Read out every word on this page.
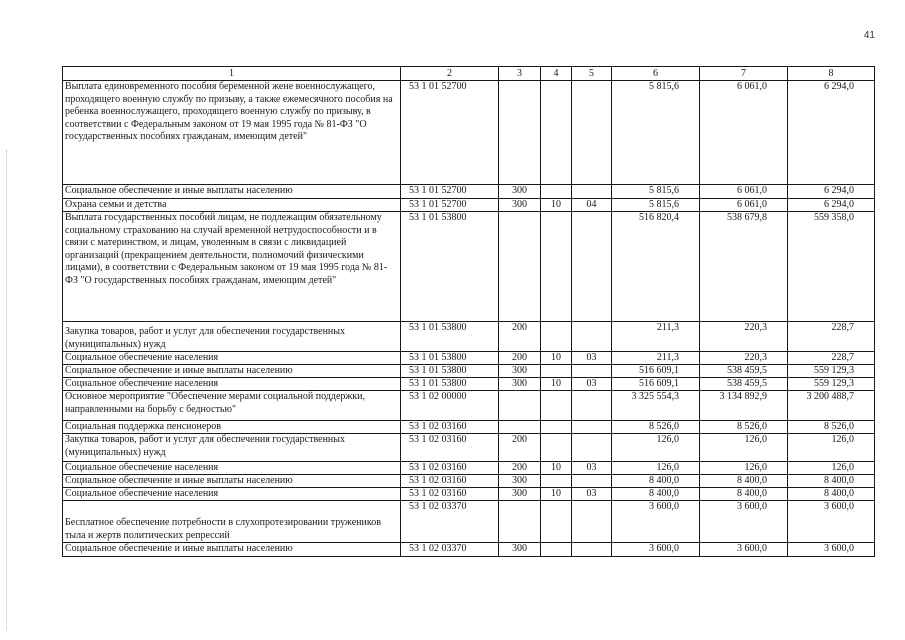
41
1	2	3	4	5	6	7	8
Выплата единовременного пособия беременной жене военнослужащего, проходящего военную службу по призыву, а также ежемесячного пособия на ребенка военнослужащего, проходящего военную службу по призыву, в соответствии с Федеральным законом от 19 мая 1995 года № 81-ФЗ "О государственных пособиях гражданам, имеющим детей"	53 1 01 52700				5 815,6	6 061,0	6 294,0
Социальное обеспечение и иные выплаты населению	53 1 01 52700	300			5 815,6	6 061,0	6 294,0
Охрана семьи и детства	53 1 01 52700	300	10	04	5 815,6	6 061,0	6 294,0
Выплата государственных пособий лицам, не подлежащим обязательному социальному страхованию на случай временной нетрудоспособности и в связи с материнством, и лицам, уволенным в связи с ликвидацией организаций (прекращением деятельности, полномочий физическими лицами), в соответствии с Федеральным законом от 19 мая 1995 года № 81-ФЗ "О государственных пособиях гражданам, имеющим детей"	53 1 01 53800				516 820,4	538 679,8	559 358,0
Закупка товаров, работ и услуг для обеспечения государственных (муниципальных) нужд	53 1 01 53800	200			211,3	220,3	228,7
Социальное обеспечение населения	53 1 01 53800	200	10	03	211,3	220,3	228,7
Социальное обеспечение и иные выплаты населению	53 1 01 53800	300			516 609,1	538 459,5	559 129,3
Социальное обеспечение населения	53 1 01 53800	300	10	03	516 609,1	538 459,5	559 129,3
Основное мероприятие "Обеспечение мерами социальной поддержки, направленными на борьбу с бедностью"	53 1 02 00000				3 325 554,3	3 134 892,9	3 200 488,7
Социальная поддержка пенсионеров	53 1 02 03160				8 526,0	8 526,0	8 526,0
Закупка товаров, работ и услуг для обеспечения государственных (муниципальных) нужд	53 1 02 03160	200			126,0	126,0	126,0
Социальное обеспечение населения	53 1 02 03160	200	10	03	126,0	126,0	126,0
Социальное обеспечение и иные выплаты населению	53 1 02 03160	300			8 400,0	8 400,0	8 400,0
Социальное обеспечение населения	53 1 02 03160	300	10	03	8 400,0	8 400,0	8 400,0
Бесплатное обеспечение потребности в слухопротезировании тружеников тыла и жертв политических репрессий	53 1 02 03370				3 600,0	3 600,0	3 600,0
Социальное обеспечение и иные выплаты населению	53 1 02 03370	300			3 600,0	3 600,0	3 600,0
